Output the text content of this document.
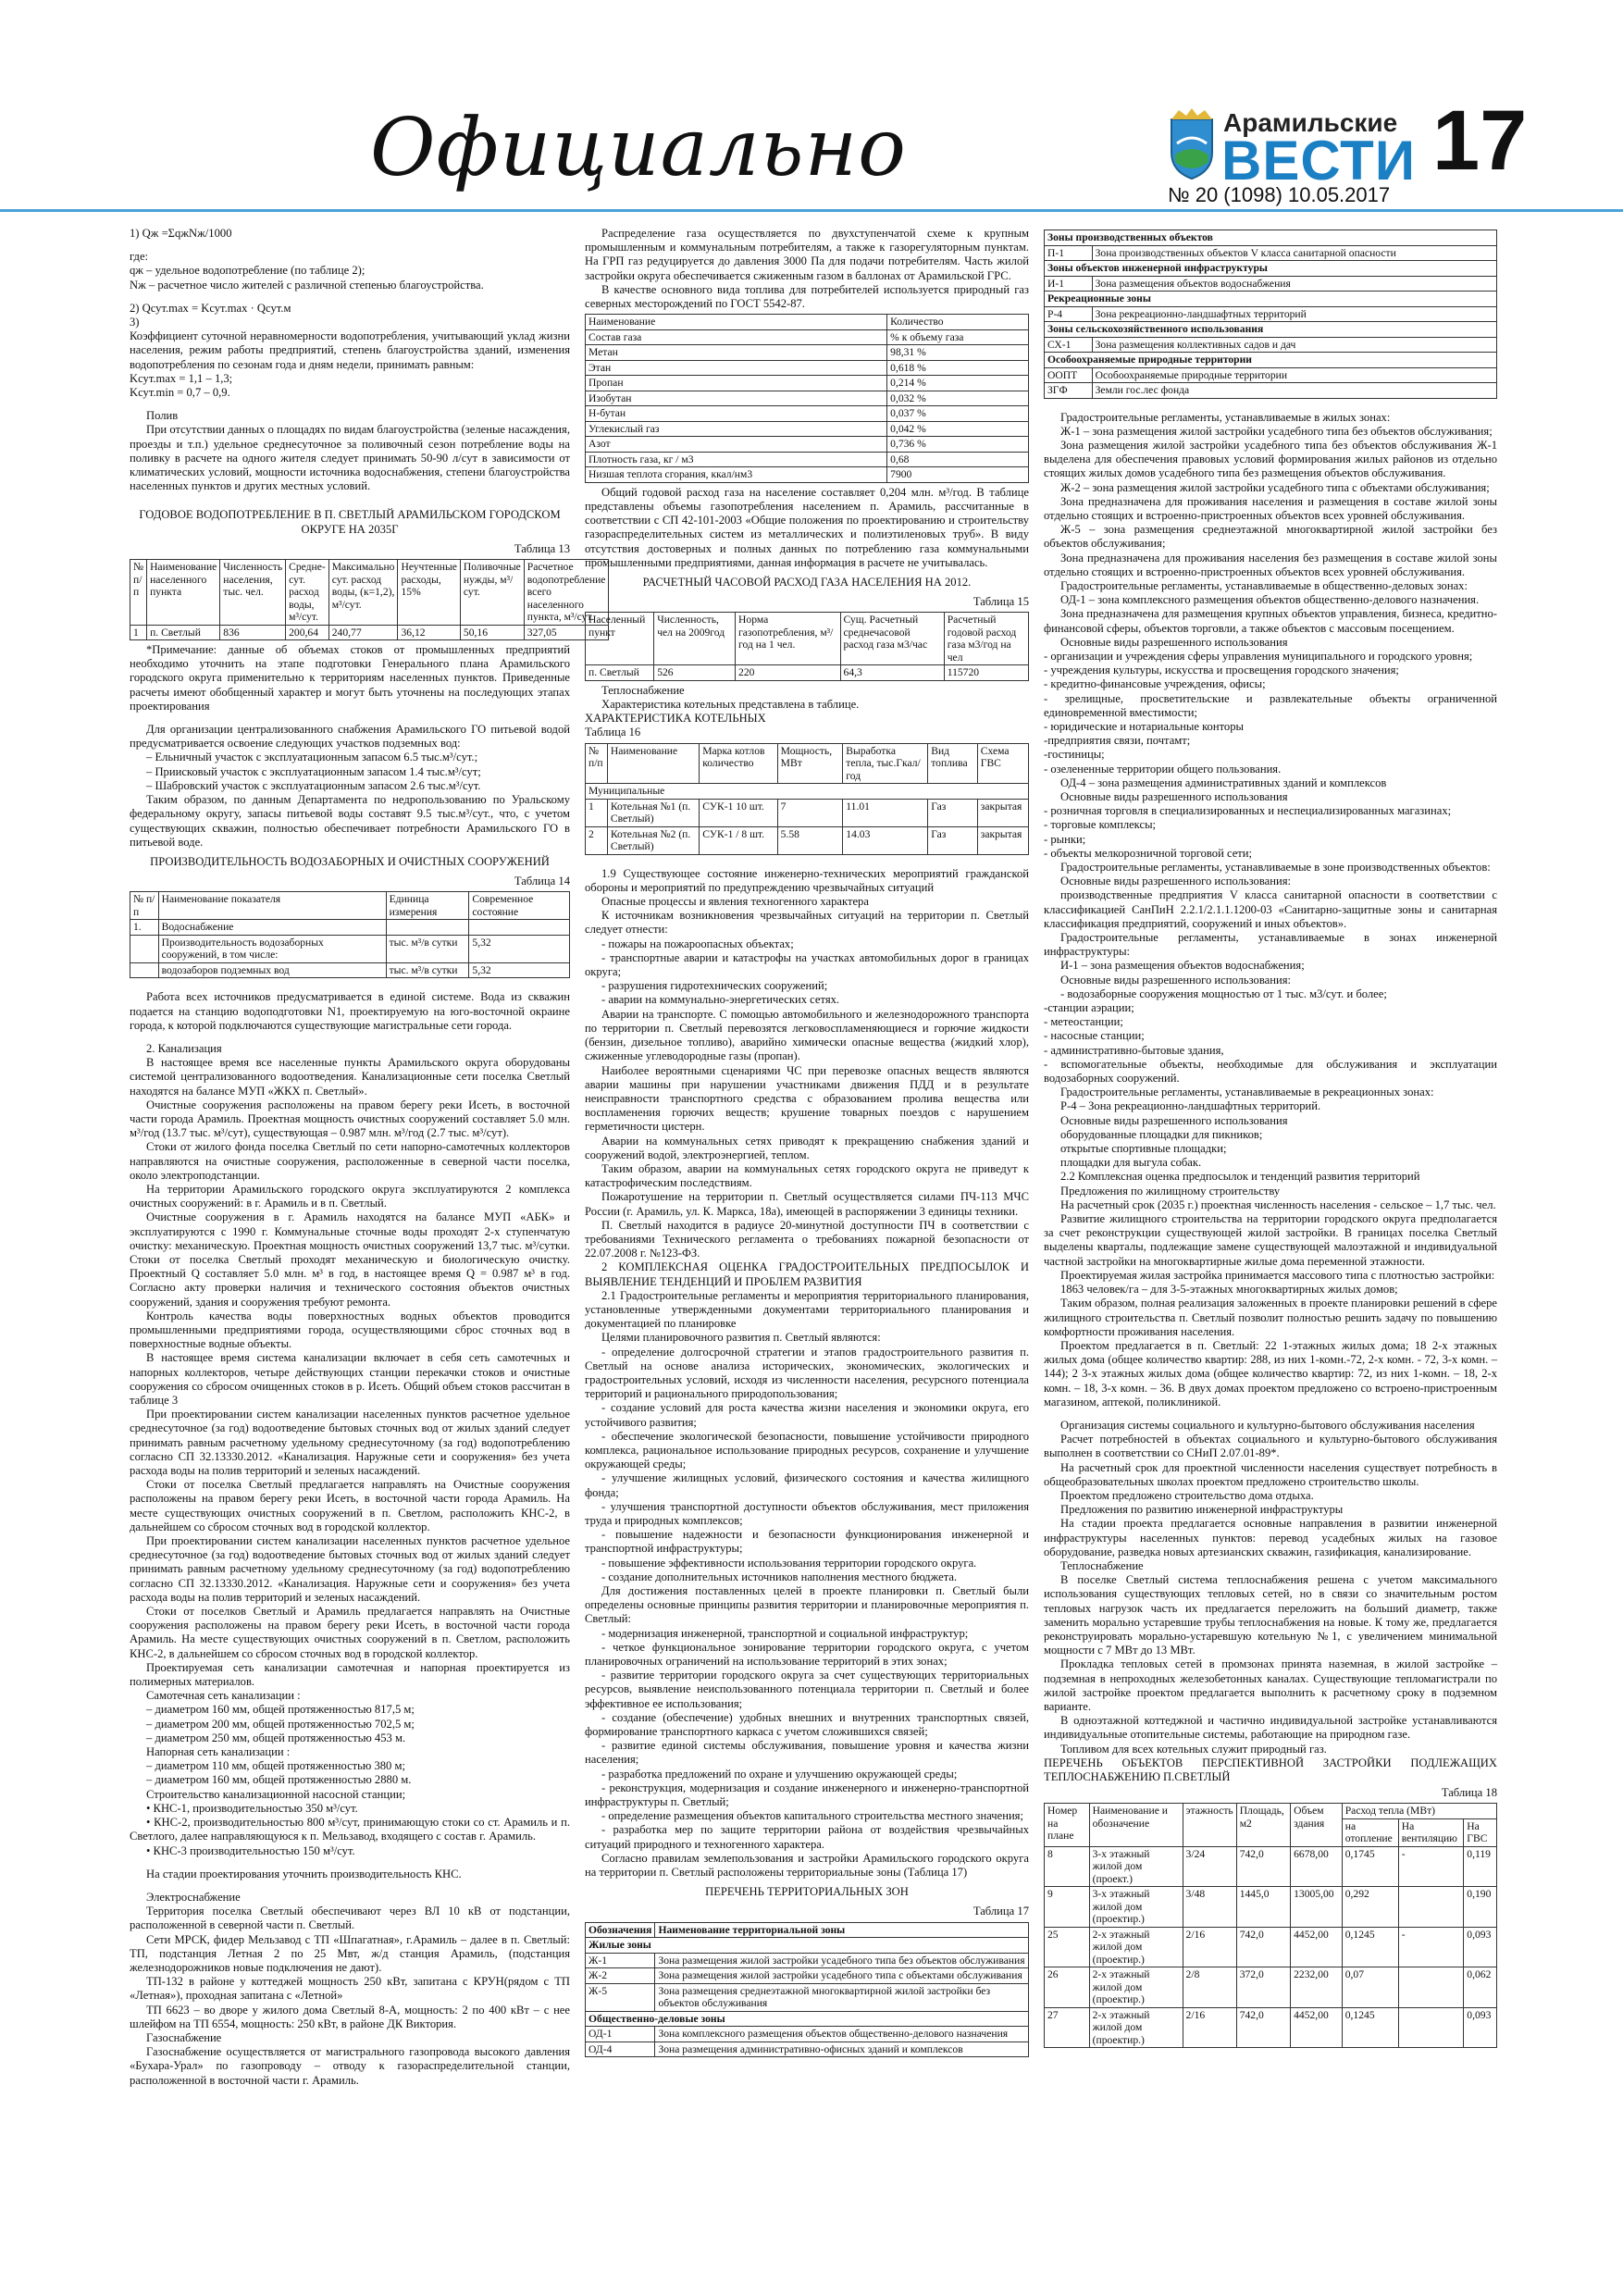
Официально	Арамильские
ВЕСТИ 17
№ 20 (1098) 10.05.2017

1) Qж =ΣqжNж/1000

где:

qж – удельное водопотребление (по таблице 2);

Nж – расчетное число жителей с различной степенью благоустройства.

2) Qсут.max = Kсут.max · Qсут.м

3)

Коэффициент суточной неравномерности водопотребления, учитывающий уклад жизни населения, режим работы предприятий, степень благоустройства зданий, изменения водопотребления по сезонам года и дням недели, принимать равным:

Kсут.max = 1,1 – 1,3;

Kсут.min = 0,7 – 0,9.

Полив

При отсутствии данных о площадях по видам благоустройства (зеленые насаждения, проезды и т.п.) удельное среднесуточное за поливочный сезон потребление воды на поливку в расчете на одного жителя следует принимать 50-90 л/сут в зависимости от климатических условий, мощности источника водоснабжения, степени благоустройства населенных пунктов и других местных условий.

ГОДОВОЕ ВОДОПОТРЕБЛЕНИЕ В П. СВЕТЛЫЙ АРАМИЛЬСКОМ ГОРОДСКОМ ОКРУГЕ НА 2035Г
Таблица 13
№ п/п	Наименование населенного пункта	Численность населения, тыс. чел.	Средне-сут. расход воды, м³/сут.	Максимально сут. расход воды, (к=1,2), м³/сут.	Неучтенные расходы, 15%	Поливочные нужды, м³/сут.	Расчетное водопотребление всего населенного пункта, м³/сут.
1	п. Светлый	836	200,64	240,77	36,12	50,16	327,05

*Примечание: данные об объемах стоков от промышленных предприятий необходимо уточнить на этапе подготовки Генерального плана Арамильского городского округа применительно к территориям населенных пунктов. Приведенные расчеты имеют обобщенный характер и могут быть уточнены на последующих этапах проектирования

Для организации централизованного снабжения Арамильского ГО питьевой водой предусматривается освоение следующих участков подземных вод:

– Ельничный участок с эксплуатационным запасом 6.5 тыс.м³/сут.;

– Приисковый участок с эксплуатационным запасом 1.4 тыс.м³/сут;

– Шабровский участок с эксплуатационным запасом 2.6 тыс.м³/сут.

Таким образом, по данным Департамента по недропользованию по Уральскому федеральному округу, запасы питьевой воды составят 9.5 тыс.м³/сут., что, с учетом существующих скважин, полностью обеспечивает потребности Арамильского ГО в питьевой воде.

ПРОИЗВОДИТЕЛЬНОСТЬ ВОДОЗАБОРНЫХ И ОЧИСТНЫХ СООРУЖЕНИЙ
Таблица 14
№ п/п	Наименование показателя	Единица измерения	Современное состояние
1.	Водоснабжение		
	Производительность водозаборных сооружений, в том числе:	тыс. м³/в сутки	5,32
	водозаборов подземных вод	тыс. м³/в сутки	5,32

Работа всех источников предусматривается в единой системе. Вода из скважин подается на станцию водоподготовки N1, проектируемую на юго-восточной окраине города, к которой подключаются существующие магистральные сети города.

2. Канализация

В настоящее время все населенные пункты Арамильского округа оборудованы системой централизованного водоотведения. Канализационные сети поселка Светлый находятся на балансе МУП «ЖКХ п. Светлый».

Очистные сооружения расположены на правом берегу реки Исеть, в восточной части города Арамиль. Проектная мощность очистных сооружений составляет 5.0 млн. м³/год (13.7 тыс. м³/сут), существующая – 0.987 млн. м³/год (2.7 тыс. м³/сут).

Стоки от жилого фонда поселка Светлый по сети напорно-самотечных коллекторов направляются на очистные сооружения, расположенные в северной части поселка, около электроподстанции.

На территории Арамильского городского округа эксплуатируются 2 комплекса очистных сооружений: в г. Арамиль и в п. Светлый.

Очистные сооружения в г. Арамиль находятся на балансе МУП «АБК» и эксплуатируются с 1990 г. Коммунальные сточные воды проходят 2-х ступенчатую очистку: механическую. Проектная мощность очистных сооружений 13,7 тыс. м³/сутки. Стоки от поселка Светлый проходят механическую и биологическую очистку. Проектный Q составляет 5.0 млн. м³ в год, в настоящее время Q = 0.987 м³ в год. Согласно акту проверки наличия и технического состояния объектов очистных сооружений, здания и сооружения требуют ремонта.

Контроль качества воды поверхностных водных объектов проводится промышленными предприятиями города, осуществляющими сброс сточных вод в поверхностные водные объекты.

В настоящее время система канализации включает в себя сеть самотечных и напорных коллекторов, четыре действующих станции перекачки стоков и очистные сооружения со сбросом очищенных стоков в р. Исеть. Общий объем стоков рассчитан в таблице 3

При проектировании систем канализации населенных пунктов расчетное удельное среднесуточное (за год) водоотведение бытовых сточных вод от жилых зданий следует принимать равным расчетному удельному среднесуточному (за год) водопотреблению согласно СП 32.13330.2012. «Канализация. Наружные сети и сооружения» без учета расхода воды на полив территорий и зеленых насаждений.

Стоки от поселка Светлый предлагается направлять на Очистные сооружения расположены на правом берегу реки Исеть, в восточной части города Арамиль. На месте существующих очистных сооружений в п. Светлом, расположить КНС-2, в дальнейшем со сбросом сточных вод в городской коллектор.

При проектировании систем канализации населенных пунктов расчетное удельное среднесуточное (за год) водоотведение бытовых сточных вод от жилых зданий следует принимать равным расчетному удельному среднесуточному (за год) водопотреблению согласно СП 32.13330.2012. «Канализация. Наружные сети и сооружения» без учета расхода воды на полив территорий и зеленых насаждений.

Стоки от поселков Светлый и Арамиль предлагается направлять на Очистные сооружения расположены на правом берегу реки Исеть, в восточной части города Арамиль. На месте существующих очистных сооружений в п. Светлом, расположить КНС-2, в дальнейшем со сбросом сточных вод в городской коллектор.

Проектируемая сеть канализации самотечная и напорная проектируется из полимерных материалов.

Самотечная сеть канализации :

– диаметром 160 мм, общей протяженностью 817,5 м;

– диаметром 200 мм, общей протяженностью 702,5 м;

– диаметром 250 мм, общей протяженностью 453 м.

Напорная сеть канализации :

– диаметром 110 мм, общей протяженностью 380 м;

– диаметром 160 мм, общей протяженностью 2880 м.

Строительство канализационной насосной станции;

• КНС-1, производительностью 350 м³/сут.

• КНС-2, производительностью 800 м³/сут, принимающую стоки со ст. Арамиль и п. Светлого, далее направляющуюся к п. Мельзавод, входящего с состав г. Арамиль.

• КНС-3 производительностью 150 м³/сут.

На стадии проектирования уточнить производительность КНС.

Электроснабжение

Территория поселка Светлый обеспечивают через ВЛ 10 кВ от подстанции, расположенной в северной части п. Светлый.

Сети МРСК, фидер Мельзавод с ТП «Шпагатная», г.Арамиль – далее в п. Светлый: ТП, подстанция Летная 2 по 25 Мвт, ж/д станция Арамиль, (подстанция железнодорожников новые подключения не дают).

ТП-132 в районе у коттеджей мощность 250 кВт, запитана с КРУН(рядом с ТП «Летная»), проходная запитана с «Летной»

ТП 6623 – во дворе у жилого дома Светлый 8-А, мощность: 2 по 400 кВт – с нее шлейфом на ТП 6554, мощность: 250 кВт, в районе ДК Виктория.

Газоснабжение

Газоснабжение осуществляется от магистрального газопровода высокого давления «Бухара-Урал» по газопроводу – отводу к газораспределительной станции, расположенной в восточной части г. Арамиль.

Распределение газа осуществляется по двухступенчатой схеме к крупным промышленным и коммунальным потребителям, а также к газорегуляторным пунктам. На ГРП газ редуцируется до давления 3000 Па для подачи потребителям. Часть жилой застройки округа обеспечивается сжиженным газом в баллонах от Арамильской ГРС.

В качестве основного вида топлива для потребителей используется природный газ северных месторождений по ГОСТ 5542-87.

Наименование	Количество
Состав газа	% к объему газа
Метан	98,31 %
Этан	0,618 %
Пропан	0,214 %
Изобутан	0,032 %
Н-бутан	0,037 %
Углекислый газ	0,042 %
Азот	0,736 %
Плотность газа, кг / м3	0,68
Низшая теплота сгорания, ккал/нм3	7900

Общий годовой расход газа на население составляет 0,204 млн. м³/год. В таблице представлены объемы газопотребления населением п. Арамиль, рассчитанные в соответствии с СП 42-101-2003 «Общие положения по проектированию и строительству газораспределительных систем из металлических и полиэтиленовых труб». В виду отсутствия достоверных и полных данных по потреблению газа коммунальными промышленными предприятиями, данная информация в расчете не учитывалась.

РАСЧЕТНЫЙ ЧАСОВОЙ РАСХОД ГАЗА НАСЕЛЕНИЯ НА 2012.
Таблица 15
Населенный пункт	Численность, чел на 2009год	Норма газопотребления, м³/год на 1 чел.	Сущ. Расчетный среднечасовой расход газа м3/час	Расчетный годовой расход газа м3/год на чел
п. Светлый	526	220	64,3	115720

Теплоснабжение

Характеристика котельных представлена в таблице.

ХАРАКТЕРИСТИКА КОТЕЛЬНЫХ

Таблица 16

№ п/п	Наименование	Марка котлов количество	Мощность, МВт	Выработка тепла, тыс.Гкал/год	Вид топлива	Схема ГВС
Муниципальные						
1	Котельная №1 (п. Светлый)	СУК-1 10 шт.	7	11.01	Газ	закрытая
2	Котельная №2 (п. Светлый)	СУК-1 / 8 шт.	5.58	14.03	Газ	закрытая

1.9 Существующее состояние инженерно-технических мероприятий гражданской обороны и мероприятий по предупреждению чрезвычайных ситуаций

Опасные процессы и явления техногенного характера

К источникам возникновения чрезвычайных ситуаций на территории п. Светлый следует отнести:

- пожары на пожароопасных объектах;

- транспортные аварии и катастрофы на участках автомобильных дорог в границах округа;

- разрушения гидротехнических сооружений;

- аварии на коммунально-энергетических сетях.

Аварии на транспорте. С помощью автомобильного и железнодорожного транспорта по территории п. Светлый перевозятся легковоспламеняющиеся и горючие жидкости (бензин, дизельное топливо), аварийно химически опасные вещества (жидкий хлор), сжиженные углеводородные газы (пропан).

Наиболее вероятными сценариями ЧС при перевозке опасных веществ являются аварии машины при нарушении участниками движения ПДД и в результате неисправности транспортного средства с образованием пролива вещества или воспламенения горючих веществ; крушение товарных поездов с нарушением герметичности цистерн.

Аварии на коммунальных сетях приводят к прекращению снабжения зданий и сооружений водой, электроэнергией, теплом.

Таким образом, аварии на коммунальных сетях городского округа не приведут к катастрофическим последствиям.

Пожаротушение на территории п. Светлый осуществляется силами ПЧ-113 МЧС России (г. Арамиль, ул. К. Маркса, 18а), имеющей в распоряжении 3 единицы техники.

П. Светлый находится в радиусе 20-минутной доступности ПЧ в соответствии с требованиями Технического регламента о требованиях пожарной безопасности от 22.07.2008 г. №123-ФЗ.

2 КОМПЛЕКСНАЯ ОЦЕНКА ГРАДОСТРОИТЕЛЬНЫХ ПРЕДПОСЫЛОК И ВЫЯВЛЕНИЕ ТЕНДЕНЦИЙ И ПРОБЛЕМ РАЗВИТИЯ

2.1 Градостроительные регламенты и мероприятия территориального планирования, установленные утвержденными документами территориального планирования и документацией по планировке

Целями планировочного развития п. Светлый являются:

- определение долгосрочной стратегии и этапов градостроительного развития п. Светлый на основе анализа исторических, экономических, экологических и градостроительных условий, исходя из численности населения, ресурсного потенциала территорий и рационального природопользования;

- создание условий для роста качества жизни населения и экономики округа, его устойчивого развития;

- обеспечение экологической безопасности, повышение устойчивости природного комплекса, рациональное использование природных ресурсов, сохранение и улучшение окружающей среды;

- улучшение жилищных условий, физического состояния и качества жилищного фонда;

- улучшения транспортной доступности объектов обслуживания, мест приложения труда и природных комплексов;

- повышение надежности и безопасности функционирования инженерной и транспортной инфраструктуры;

- повышение эффективности использования территории городского округа.

- создание дополнительных источников наполнения местного бюджета.

Для достижения поставленных целей в проекте планировки п. Светлый были определены основные принципы развития территории и планировочные мероприятия п. Светлый:

- модернизация инженерной, транспортной и социальной инфраструктур;

- четкое функциональное зонирование территории городского округа, с учетом планировочных ограничений на использование территорий в этих зонах;

- развитие территории городского округа за счет существующих территориальных ресурсов, выявление неиспользованного потенциала территории п. Светлый и более эффективное ее использования;

- создание (обеспечение) удобных внешних и внутренних транспортных связей, формирование транспортного каркаса с учетом сложившихся связей;

- развитие единой системы обслуживания, повышение уровня и качества жизни населения;

- разработка предложений по охране и улучшению окружающей среды;

- реконструкция, модернизация и создание инженерного и инженерно-транспортной инфраструктуры п. Светлый;

- определение размещения объектов капитального строительства местного значения;

- разработка мер по защите территории района от воздействия чрезвычайных ситуаций природного и техногенного характера.

Согласно правилам землепользования и застройки Арамильского городского округа на территории п. Светлый расположены территориальные зоны (Таблица 17)

ПЕРЕЧЕНЬ ТЕРРИТОРИАЛЬНЫХ ЗОН
Таблица 17
Обозначения	Наименование территориальной зоны
Жилые зоны	
Ж-1	Зона размещения жилой застройки усадебного типа без объектов обслуживания
Ж-2	Зона размещения жилой застройки усадебного типа с объектами обслуживания
Ж-5	Зона размещения среднеэтажной многоквартирной жилой застройки без объектов обслуживания
Общественно-деловые зоны	
ОД-1	Зона комплексного размещения объектов общественно-делового назначения
ОД-4	Зона размещения административно-офисных зданий и комплексов
Зоны производственных объектов	
П-1	Зона производственных объектов V класса санитарной опасности
Зоны объектов инженерной инфраструктуры	
И-1	Зона размещения объектов водоснабжения
Рекреационные зоны	
Р-4	Зона рекреационно-ландшафтных территорий
Зоны сельскохозяйственного использования	
СХ-1	Зона размещения коллективных садов и дач
Особоохраняемые природные территории	
ООПТ	Особоохраняемые природные территории
ЗГФ	Земли гос.лес фонда

Градостроительные регламенты, устанавливаемые в жилых зонах:

Ж-1 – зона размещения жилой застройки усадебного типа без объектов обслуживания;

Зона размещения жилой застройки усадебного типа без объектов обслуживания Ж-1 выделена для обеспечения правовых условий формирования жилых районов из отдельно стоящих жилых домов усадебного типа без размещения объектов обслуживания.

Ж-2 – зона размещения жилой застройки усадебного типа с объектами обслуживания;

Зона предназначена для проживания населения и размещения в составе жилой зоны отдельно стоящих и встроенно-пристроенных объектов всех уровней обслуживания.

Ж-5 – зона размещения среднеэтажной многоквартирной жилой застройки без объектов обслуживания;

Зона предназначена для проживания населения без размещения в составе жилой зоны отдельно стоящих и встроенно-пристроенных объектов всех уровней обслуживания.

Градостроительные регламенты, устанавливаемые в общественно-деловых зонах:

ОД-1 – зона комплексного размещения объектов общественно-делового назначения.

Зона предназначена для размещения крупных объектов управления, бизнеса, кредитно-финансовой сферы, объектов торговли, а также объектов с массовым посещением.

Основные виды разрешенного использования

- организации и учреждения сферы управления муниципального и городского уровня;

- учреждения культуры, искусства и просвещения городского значения;

- кредитно-финансовые учреждения, офисы;

- зрелищные, просветительские и развлекательные объекты ограниченной единовременной вместимости;

- юридические и нотариальные конторы

-предприятия связи, почтамт;

-гостиницы;

- озелененные территории общего пользования.

ОД-4 – зона размещения административных зданий и комплексов

Основные виды разрешенного использования

- розничная торговля в специализированных и неспециализированных магазинах;

- торговые комплексы;

- рынки;

- объекты мелкорозничной торговой сети;

Градостроительные регламенты, устанавливаемые в зоне производственных объектов:

Основные виды разрешенного использования:

производственные предприятия V класса санитарной опасности в соответствии с классификацией СанПиН 2.2.1/2.1.1.1200-03 «Санитарно-защитные зоны и санитарная классификация предприятий, сооружений и иных объектов».

Градостроительные регламенты, устанавливаемые в зонах инженерной инфраструктуры:

И-1 – зона размещения объектов водоснабжения;

Основные виды разрешенного использования:

- водозаборные сооружения мощностью от 1 тыс. м3/сут. и более;

-станции аэрации;

- метеостанции;

- насосные станции;

- административно-бытовые здания,

- вспомогательные объекты, необходимые для обслуживания и эксплуатации водозаборных сооружений.

Градостроительные регламенты, устанавливаемые в рекреационных зонах:

Р-4 – Зона рекреационно-ландшафтных территорий.

Основные виды разрешенного использования

оборудованные площадки для пикников;

открытые спортивные площадки;

площадки для выгула собак.

2.2 Комплексная оценка предпосылок и тенденций развития территорий

Предложения по жилищному строительству

На расчетный срок (2035 г.) проектная численность населения - сельское – 1,7 тыс. чел.

Развитие жилищного строительства на территории городского округа предполагается за счет реконструкции существующей жилой застройки. В границах поселка Светлый выделены кварталы, подлежащие замене существующей малоэтажной и индивидуальной частной застройки на многоквартирные жилые дома переменной этажности.

Проектируемая жилая застройка принимается массового типа с плотностью застройки:

1863 человек/га – для 3-5-этажных многоквартирных жилых домов;

Таким образом, полная реализация заложенных в проекте планировки решений в сфере жилищного строительства п. Светлый позволит полностью решить задачу по повышению комфортности проживания населения.

Проектом предлагается в п. Светлый: 22 1-этажных жилых дома; 18 2-х этажных жилых дома (общее количество квартир: 288, из них 1-комн.-72, 2-х комн. - 72, 3-х комн. – 144); 2 3-х этажных жилых дома (общее количество квартир: 72, из них 1-комн. – 18, 2-х комн. – 18, 3-х комн. – 36. В двух домах проектом предложено со встроено-пристроенным магазином, аптекой, поликлиникой.

Организация системы социального и культурно-бытового обслуживания населения

Расчет потребностей в объектах социального и культурно-бытового обслуживания выполнен в соответствии со СНиП 2.07.01-89*.

На расчетный срок для проектной численности населения существует потребность в общеобразовательных школах проектом предложено строительство школы.

Проектом предложено строительство дома отдыха.

Предложения по развитию инженерной инфраструктуры

На стадии проекта предлагается основные направления в развитии инженерной инфраструктуры населенных пунктов: перевод усадебных жилых на газовое оборудование, разведка новых артезианских скважин, газификация, канализирование.

Теплоснабжение

В поселке Светлый система теплоснабжения решена с учетом максимального использования существующих тепловых сетей, но в связи со значительным ростом тепловых нагрузок часть их предлагается переложить на больший диаметр, также заменить морально устаревшие трубы теплоснабжения на новые. К тому же, предлагается реконструировать морально-устаревшую котельную №1, с увеличением минимальной мощности с 7 МВт до 13 МВт.

Прокладка тепловых сетей в промзонах принята наземная, в жилой застройке – подземная в непроходных железобетонных каналах. Существующие тепломагистрали по жилой застройке проектом предлагается выполнить к расчетному сроку в подземном варианте.

В одноэтажной коттеджной и частично индивидуальной застройке устанавливаются индивидуальные отопительные системы, работающие на природном газе.

Топливом для всех котельных служит природный газ.

ПЕРЕЧЕНЬ ОБЪЕКТОВ ПЕРСПЕКТИВНОЙ ЗАСТРОЙКИ ПОДЛЕЖАЩИХ ТЕПЛОСНАБЖЕНИЮ П.СВЕТЛЫЙ

Таблица 18
Номер на плане	Наименование и обозначение	этажность	Площадь, м2	Объем здания	Расход тепла (МВт)		
					на отопление	На вентиляцию	На ГВС
8	3-х этажный жилой дом (проект.)	3/24	742,0	6678,00	0,1745	-	0,119
9	3-х этажный жилой дом (проектир.)	3/48	1445,0	13005,00	0,292		0,190
25	2-х этажный жилой дом (проектир.)	2/16	742,0	4452,00	0,1245	-	0,093
26	2-х этажный жилой дом (проектир.)	2/8	372,0	2232,00	0,07		0,062
27	2-х этажный жилой дом (проектир.)	2/16	742,0	4452,00	0,1245		0,093
